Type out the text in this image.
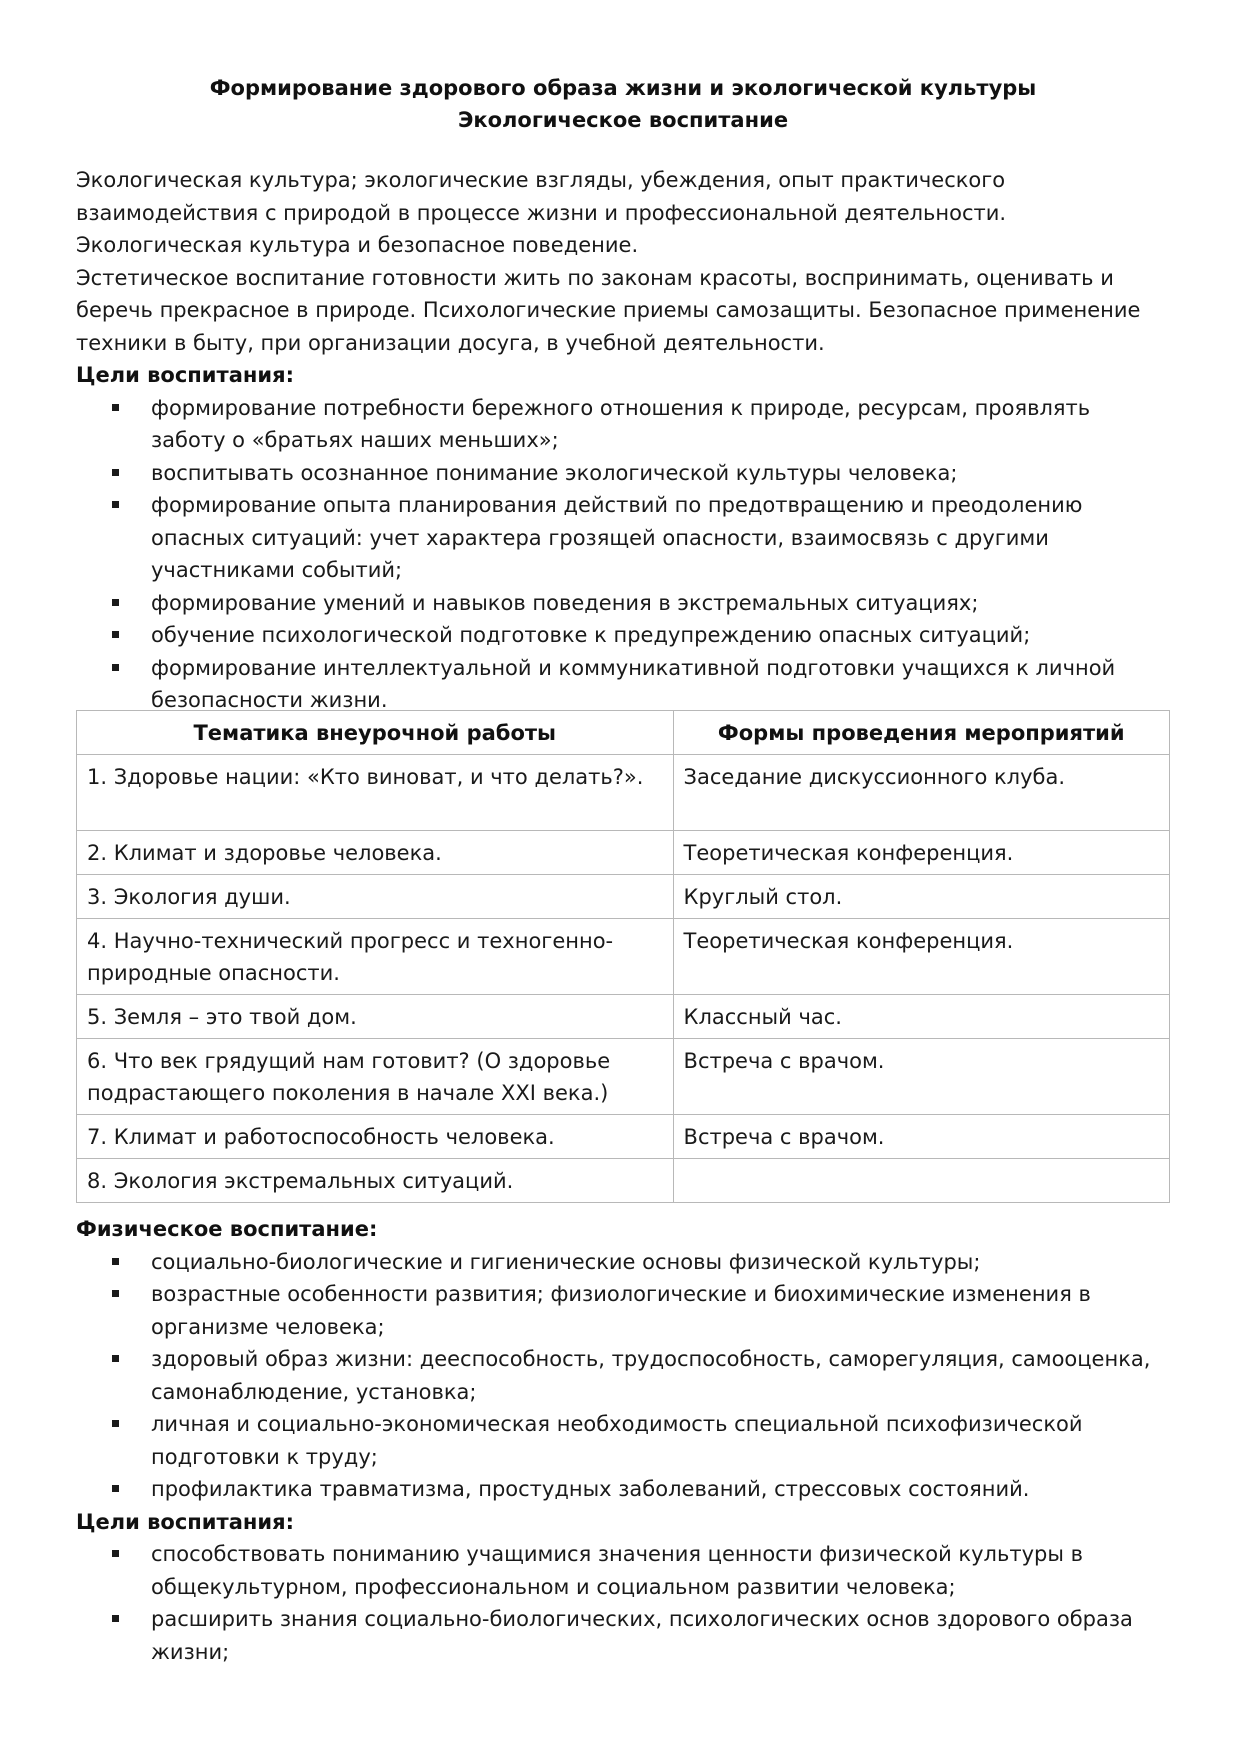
Формирование здорового образа жизни и экологической культуры
Экологическое воспитание

Экологическая культура; экологические взгляды, убеждения, опыт практического взаимодействия с природой в процессе жизни и профессиональной деятельности.

Экологическая культура и безопасное поведение.

Эстетическое воспитание готовности жить по законам красоты, воспринимать, оценивать и беречь прекрасное в природе. Психологические приемы самозащиты. Безопасное применение техники в быту, при организации досуга, в учебной деятельности.

Цели воспитания:

формирование потребности бережного отношения к природе, ресурсам, проявлять заботу о «братьях наших меньших»;
воспитывать осознанное понимание экологической культуры человека;
формирование опыта планирования действий по предотвращению и преодолению опасных ситуаций: учет характера грозящей опасности, взаимосвязь с другими участниками событий;
формирование умений и навыков поведения в экстремальных ситуациях;
обучение психологической подготовке к предупреждению опасных ситуаций;
формирование интеллектуальной и коммуникативной подготовки учащихся к личной безопасности жизни.
Тематика внеурочной работы	Формы проведения мероприятий
1. Здоровье нации: «Кто виноват, и что делать?».	Заседание дискуссионного клуба.
2. Климат и здоровье человека.	Теоретическая конференция.
3. Экология души.	Круглый стол.
4. Научно-технический прогресс и техногенно-природные опасности.	Теоретическая конференция.
5. Земля – это твой дом.	Классный час.
6. Что век грядущий нам готовит? (О здоровье подрастающего поколения в начале XXI века.)	Встреча с врачом.
7. Климат и работоспособность человека.	Встреча с врачом.
8. Экология экстремальных ситуаций.	

Физическое воспитание:

социально-биологические и гигиенические основы физической культуры;
возрастные особенности развития; физиологические и биохимические изменения в организме человека;
здоровый образ жизни: дееспособность, трудоспособность, саморегуляция, самооценка, самонаблюдение, установка;
личная и социально-экономическая необходимость специальной психофизической подготовки к труду;
профилактика травматизма, простудных заболеваний, стрессовых состояний.

Цели воспитания:

способствовать пониманию учащимися значения ценности физической культуры в общекультурном, профессиональном и социальном развитии человека;
расширить знания социально-биологических, психологических основ здорового образа жизни;
